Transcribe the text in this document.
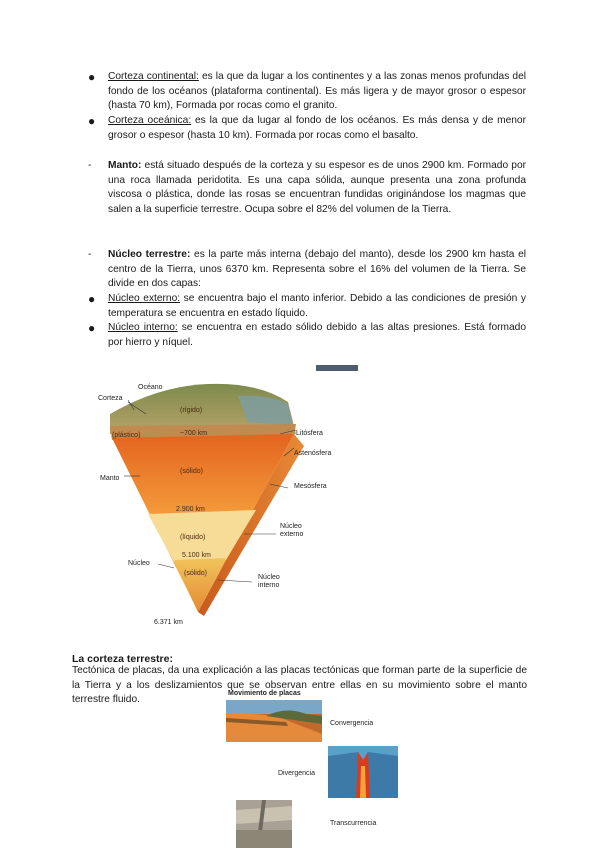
● Corteza continental: es la que da lugar a los continentes y a las zonas menos profundas del fondo de los océanos (plataforma continental). Es más ligera y de mayor grosor o espesor (hasta 70 km), Formada por rocas como el granito.
● Corteza oceánica: es la que da lugar al fondo de los océanos. Es más densa y de menor grosor o espesor (hasta 10 km). Formada por rocas como el basalto.
- Manto: está situado después de la corteza y su espesor es de unos 2900 km. Formado por una roca llamada peridotita. Es una capa sólida, aunque presenta una zona profunda viscosa o plástica, donde las rosas se encuentran fundidas originándose los magmas que salen a la superficie terrestre. Ocupa sobre el 82% del volumen de la Tierra.
- Núcleo terrestre: es la parte más interna (debajo del manto), desde los 2900 km hasta el centro de la Tierra, unos 6370 km. Representa sobre el 16% del volumen de la Tierra. Se divide en dos capas:
● Núcleo externo: se encuentra bajo el manto inferior. Debido a las condiciones de presión y temperatura se encuentra en estado líquido.
● Núcleo interno: se encuentra en estado sólido debido a las altas presiones. Está formado por hierro y níquel.
Océano
Corteza
Manto
Núcleo
6.371 km
(rígido)
(plástico)	~700 km
(sólido)
2.900 km
(líquido)
5.100 km
(sólido)
Litósfera
Astenósfera
Mesósfera
Núcleo externo
Núcleo interno
La corteza terrestre:
Tectónica de placas, da una explicación a las placas tectónicas que forman parte de la superficie de la Tierra y a los deslizamientos que se observan entre ellas en su movimiento sobre el manto terrestre fluido.
Movimiento de placas
Convergencia
Divergencia
Transcurrencia
